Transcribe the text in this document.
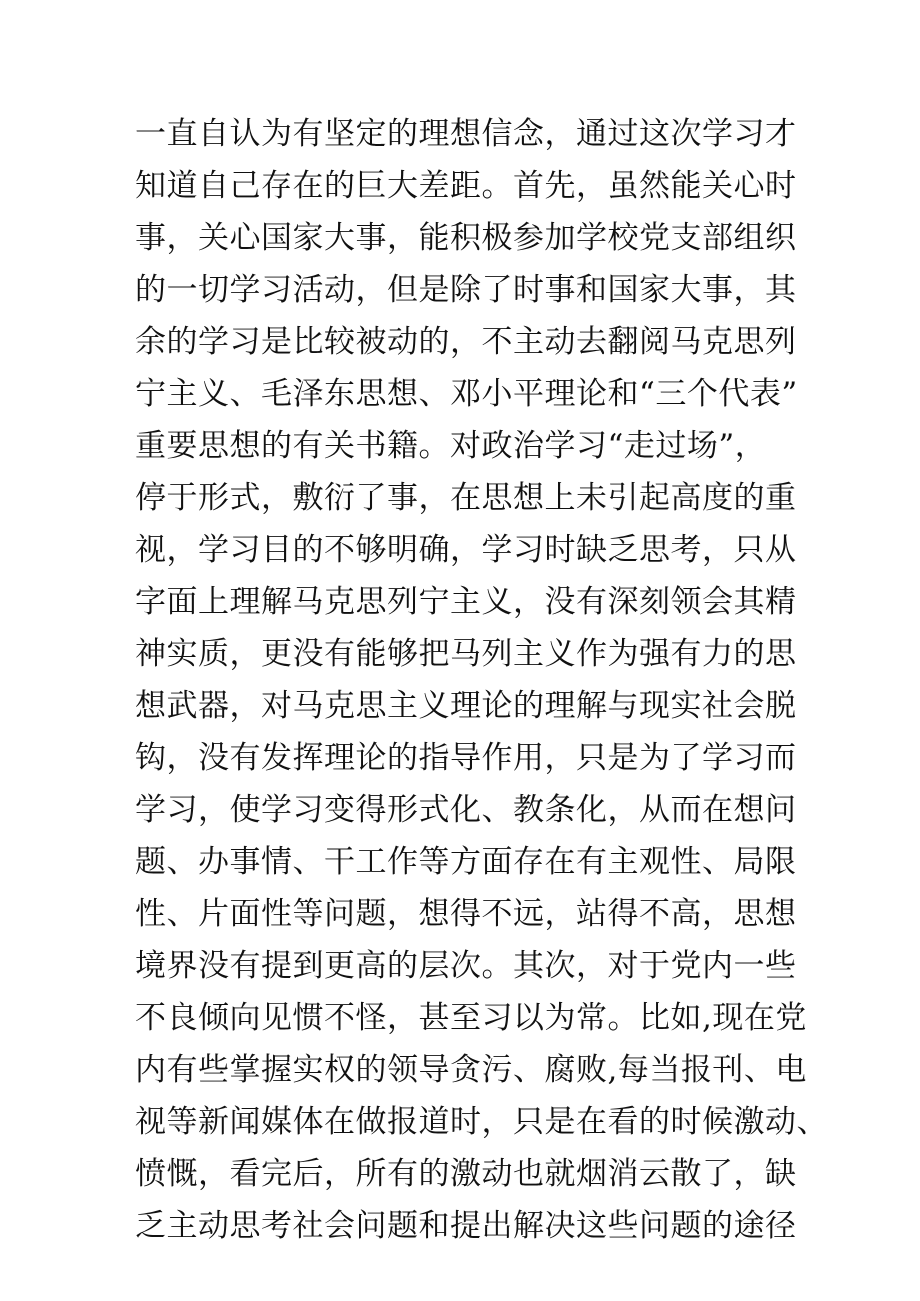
一直自认为有坚定的理想信念，通过这次学习才
知道自己存在的巨大差距。首先，虽然能关心时
事，关心国家大事，能积极参加学校党支部组织
的一切学习活动，但是除了时事和国家大事，其
余的学习是比较被动的，不主动去翻阅马克思列
宁主义、毛泽东思想、邓小平理论和“三个代表”
重要思想的有关书籍。对政治学习“走过场”，
停于形式，敷衍了事，在思想上未引起高度的重
视，学习目的不够明确，学习时缺乏思考，只从
字面上理解马克思列宁主义，没有深刻领会其精
神实质，更没有能够把马列主义作为强有力的思
想武器，对马克思主义理论的理解与现实社会脱
钩，没有发挥理论的指导作用，只是为了学习而
学习，使学习变得形式化、教条化，从而在想问
题、办事情、干工作等方面存在有主观性、局限
性、片面性等问题，想得不远，站得不高，思想
境界没有提到更高的层次。其次，对于党内一些
不良倾向见惯不怪，甚至习以为常。比如,现在党
内有些掌握实权的领导贪污、腐败,每当报刊、电
视等新闻媒体在做报道时，只是在看的时候激动、
愤慨，看完后，所有的激动也就烟消云散了，缺
乏主动思考社会问题和提出解决这些问题的途径
